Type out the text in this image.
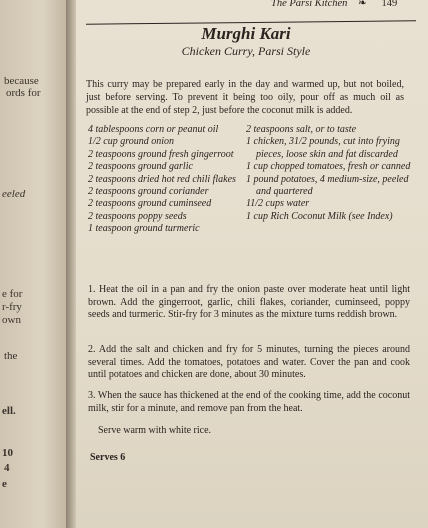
because
ords for
eeled
e for
r-fry
own
the
ell.
10
4
e
The Parsi Kitchen ❧ 149
Murghi Kari
Chicken Curry, Parsi Style
This curry may be prepared early in the day and warmed up, but not boiled, just before serving. To prevent it being too oily, pour off as much oil as possible at the end of step 2, just before the coconut milk is added.
4 tablespoons corn or peanut oil
1/2 cup ground onion
2 teaspoons ground fresh gingerroot
2 teaspoons ground garlic
2 teaspoons dried hot red chili flakes
2 teaspoons ground coriander
2 teaspoons ground cuminseed
2 teaspoons poppy seeds
1 teaspoon ground turmeric
2 teaspoons salt, or to taste
1 chicken, 31/2 pounds, cut into frying pieces, loose skin and fat discarded
1 cup chopped tomatoes, fresh or canned
1 pound potatoes, 4 medium-size, peeled and quartered
11/2 cups water
1 cup Rich Coconut Milk (see Index)
1. Heat the oil in a pan and fry the onion paste over moderate heat until light brown. Add the gingerroot, garlic, chili flakes, coriander, cuminseed, poppy seeds and turmeric. Stir-fry for 3 minutes as the mixture turns reddish brown.
2. Add the salt and chicken and fry for 5 minutes, turning the pieces around several times. Add the tomatoes, potatoes and water. Cover the pan and cook until potatoes and chicken are done, about 30 minutes.
3. When the sauce has thickened at the end of the cooking time, add the coconut milk, stir for a minute, and remove pan from the heat.
Serve warm with white rice.
Serves 6
